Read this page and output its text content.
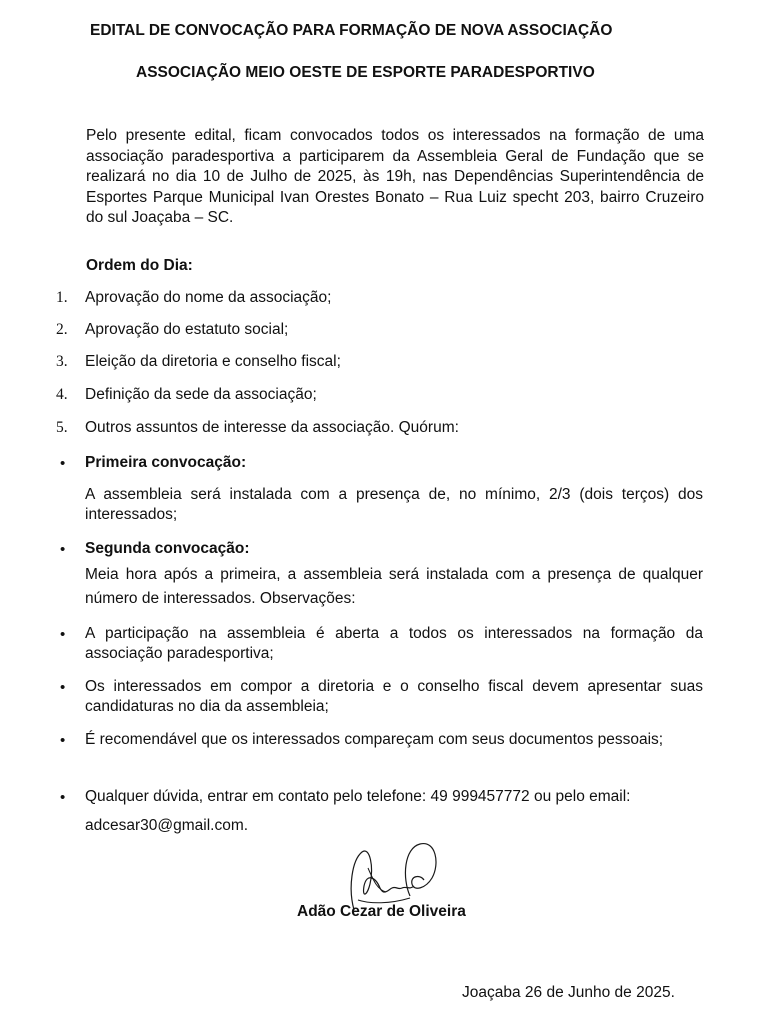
EDITAL DE CONVOCAÇÃO PARA FORMAÇÃO DE NOVA ASSOCIAÇÃO
ASSOCIAÇÃO MEIO OESTE DE ESPORTE PARADESPORTIVO
Pelo presente edital, ficam convocados todos os interessados na formação de uma associação paradesportiva a participarem da Assembleia Geral de Fundação que se realizará no dia 10 de Julho de 2025, às 19h, nas Dependências Superintendência de Esportes Parque Municipal Ivan Orestes Bonato – Rua Luiz specht 203, bairro Cruzeiro do sul Joaçaba – SC.
Ordem do Dia:
1.	Aprovação do nome da associação;
2.	Aprovação do estatuto social;
3.	Eleição da diretoria e conselho fiscal;
4.	Definição da sede da associação;
5.	Outros assuntos de interesse da associação. Quórum:
• Primeira convocação:
A assembleia será instalada com a presença de, no mínimo, 2/3 (dois terços) dos interessados;
• Segunda convocação:
Meia hora após a primeira, a assembleia será instalada com a presença de qualquer número de interessados. Observações:
• A participação na assembleia é aberta a todos os interessados na formação da associação paradesportiva;
• Os interessados em compor a diretoria e o conselho fiscal devem apresentar suas candidaturas no dia da assembleia;
• É recomendável que os interessados compareçam com seus documentos pessoais;
• Qualquer dúvida, entrar em contato pelo telefone: 49 999457772 ou pelo email:
adcesar30@gmail.com.
Adão Cezar de Oliveira
Joaçaba 26 de Junho de 2025.
